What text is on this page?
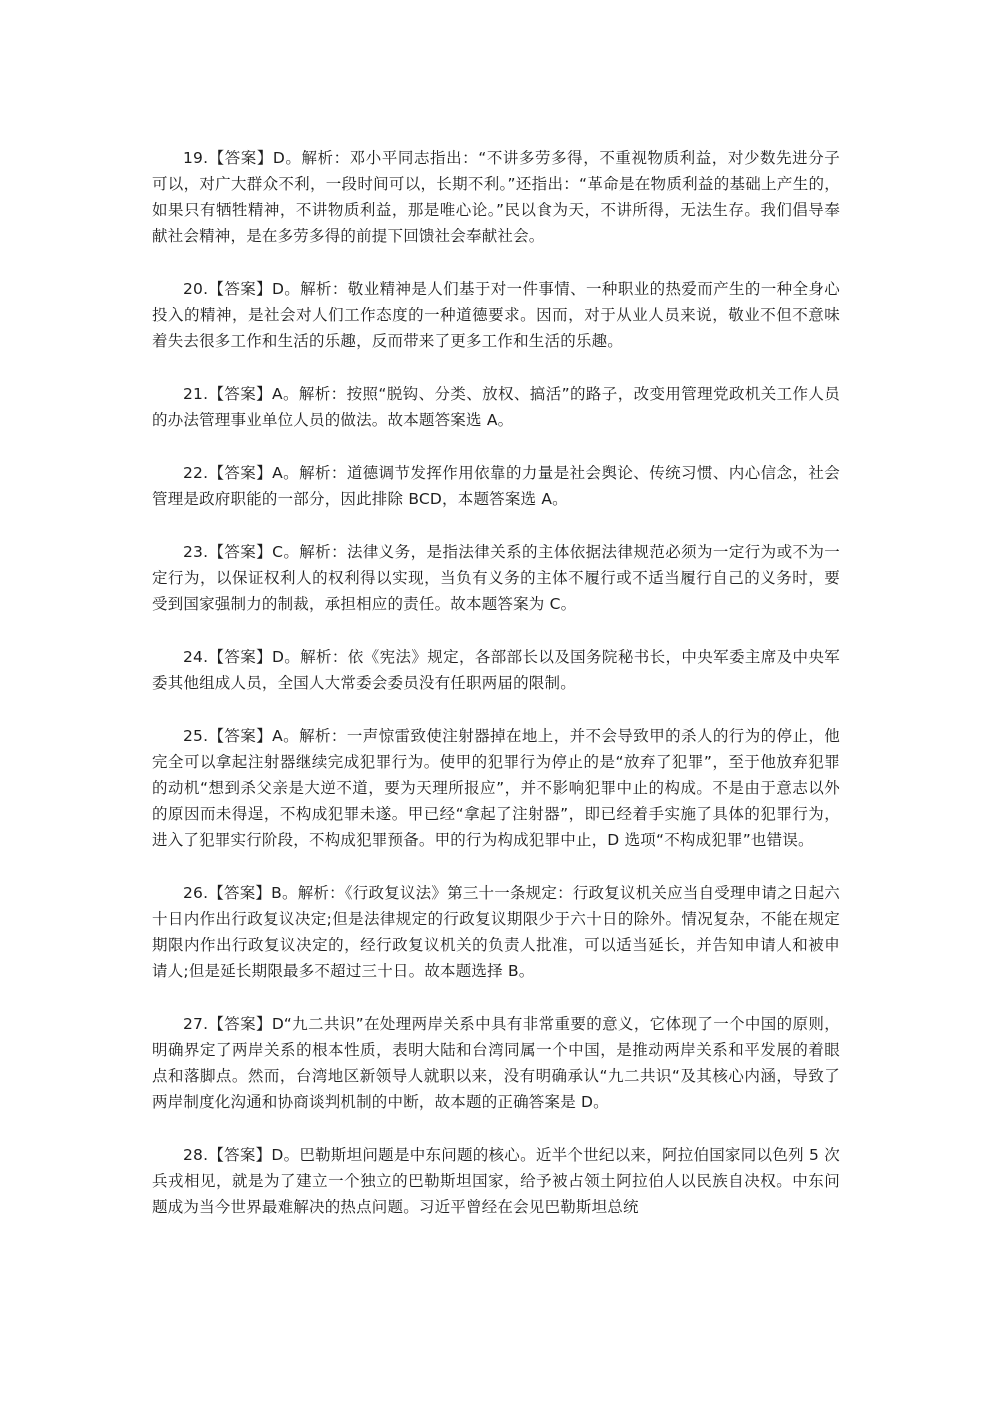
19.【答案】D。解析：邓小平同志指出：“不讲多劳多得，不重视物质利益，对少数先进分子可以，对广大群众不利，一段时间可以，长期不利。”还指出：“革命是在物质利益的基础上产生的，如果只有牺牲精神，不讲物质利益，那是唯心论。”民以食为天，不讲所得，无法生存。我们倡导奉献社会精神，是在多劳多得的前提下回馈社会奉献社会。

20.【答案】D。解析：敬业精神是人们基于对一件事情、一种职业的热爱而产生的一种全身心投入的精神，是社会对人们工作态度的一种道德要求。因而，对于从业人员来说，敬业不但不意味着失去很多工作和生活的乐趣，反而带来了更多工作和生活的乐趣。

21.【答案】A。解析：按照“脱钩、分类、放权、搞活”的路子，改变用管理党政机关工作人员的办法管理事业单位人员的做法。故本题答案选 A。

22.【答案】A。解析：道德调节发挥作用依靠的力量是社会舆论、传统习惯、内心信念，社会管理是政府职能的一部分，因此排除 BCD，本题答案选 A。

23.【答案】C。解析：法律义务，是指法律关系的主体依据法律规范必须为一定行为或不为一定行为，以保证权利人的权利得以实现，当负有义务的主体不履行或不适当履行自己的义务时，要受到国家强制力的制裁，承担相应的责任。故本题答案为 C。

24.【答案】D。解析：依《宪法》规定，各部部长以及国务院秘书长，中央军委主席及中央军委其他组成人员，全国人大常委会委员没有任职两届的限制。

25.【答案】A。解析：一声惊雷致使注射器掉在地上，并不会导致甲的杀人的行为的停止，他完全可以拿起注射器继续完成犯罪行为。使甲的犯罪行为停止的是“放弃了犯罪”，至于他放弃犯罪的动机“想到杀父亲是大逆不道，要为天理所报应”，并不影响犯罪中止的构成。不是由于意志以外的原因而未得逞，不构成犯罪未遂。甲已经“拿起了注射器”，即已经着手实施了具体的犯罪行为，进入了犯罪实行阶段，不构成犯罪预备。甲的行为构成犯罪中止，D 选项“不构成犯罪”也错误。

26.【答案】B。解析：《行政复议法》第三十一条规定：行政复议机关应当自受理申请之日起六十日内作出行政复议决定;但是法律规定的行政复议期限少于六十日的除外。情况复杂，不能在规定期限内作出行政复议决定的，经行政复议机关的负责人批准，可以适当延长，并告知申请人和被申请人;但是延长期限最多不超过三十日。故本题选择 B。

27.【答案】D“九二共识”在处理两岸关系中具有非常重要的意义，它体现了一个中国的原则，明确界定了两岸关系的根本性质，表明大陆和台湾同属一个中国，是推动两岸关系和平发展的着眼点和落脚点。然而，台湾地区新领导人就职以来，没有明确承认“九二共识“及其核心内涵，导致了两岸制度化沟通和协商谈判机制的中断，故本题的正确答案是 D。

28.【答案】D。巴勒斯坦问题是中东问题的核心。近半个世纪以来，阿拉伯国家同以色列 5 次兵戎相见，就是为了建立一个独立的巴勒斯坦国家，给予被占领土阿拉伯人以民族自决权。中东问题成为当今世界最难解决的热点问题。习近平曾经在会见巴勒斯坦总统
